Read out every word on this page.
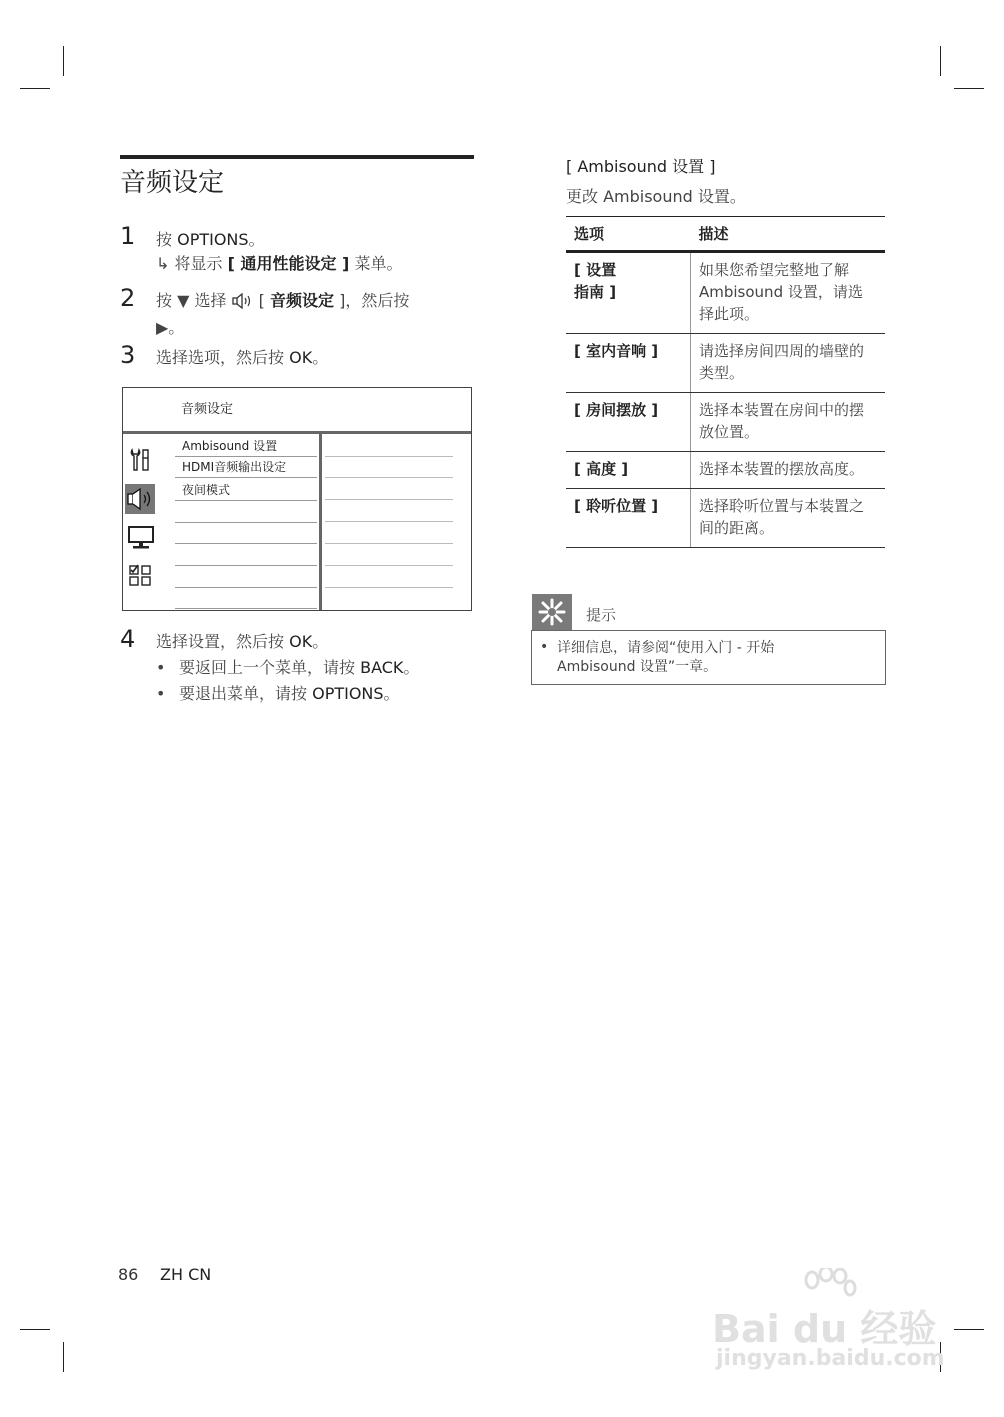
音频设定
1 按 OPTIONS。
↳ 将显示 [ 通用性能设定 ] 菜单。
2 按 ▼ 选择  [ 音频设定 ]，然后按
▶。
3 选择选项，然后按 OK。
音频设定
Ambisound 设置
HDMI音频输出设定
夜间模式
4 选择设置，然后按 OK。
• 要返回上一个菜单，请按 BACK。
• 要退出菜单，请按 OPTIONS。
[ Ambisound 设置 ]
更改 Ambisound 设置。
选项	描述
[ 设置
指南 ]	如果您希望完整地了解 Ambisound 设置，请选择此项。
[ 室内音响 ]	请选择房间四周的墙壁的类型。
[ 房间摆放 ]	选择本装置在房间中的摆放位置。
[ 高度 ]	选择本装置的摆放高度。
[ 聆听位置 ]	选择聆听位置与本装置之间的距离。
提示
• 详细信息，请参阅“使用入门 - 开始 Ambisound 设置”一章。
86 ZH CN
Bai du 经验
jingyan.baidu.com
